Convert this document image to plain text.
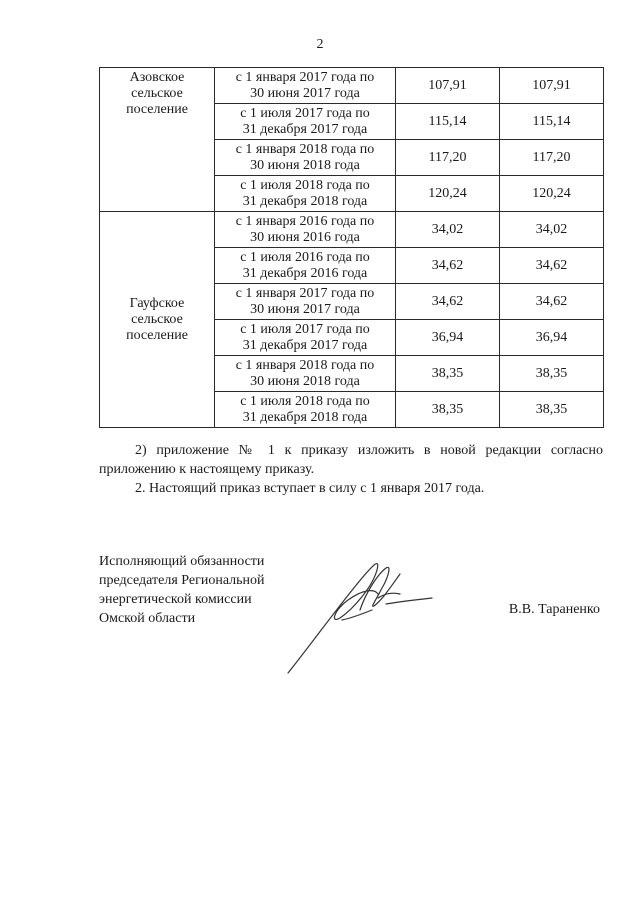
2
Азовское
сельское
поселение	с 1 января 2017 года по
30 июня 2017 года	107,91	107,91

	с 1 июля 2017 года по
31 декабря 2017 года	115,14	115,14

	с 1 января 2018 года по
30 июня 2018 года	117,20	117,20

	с 1 июля 2018 года по
31 декабря 2018 года	120,24	120,24

Гауфское
сельское
поселение	с 1 января 2016 года по
30 июня 2016 года	34,02	34,02

	с 1 июля 2016 года по
31 декабря 2016 года	34,62	34,62

	с 1 января 2017 года по
30 июня 2017 года	34,62	34,62

	с 1 июля 2017 года по
31 декабря 2017 года	36,94	36,94

	с 1 января 2018 года по
30 июня 2018 года	38,35	38,35

	с 1 июля 2018 года по
31 декабря 2018 года	38,35	38,35
2) приложение № 1 к приказу изложить в новой редакции согласно приложению к настоящему приказу.
2. Настоящий приказ вступает в силу с 1 января 2017 года.
Исполняющий обязанности
председателя Региональной
энергетической комиссии
Омской области
В.В. Тараненко
